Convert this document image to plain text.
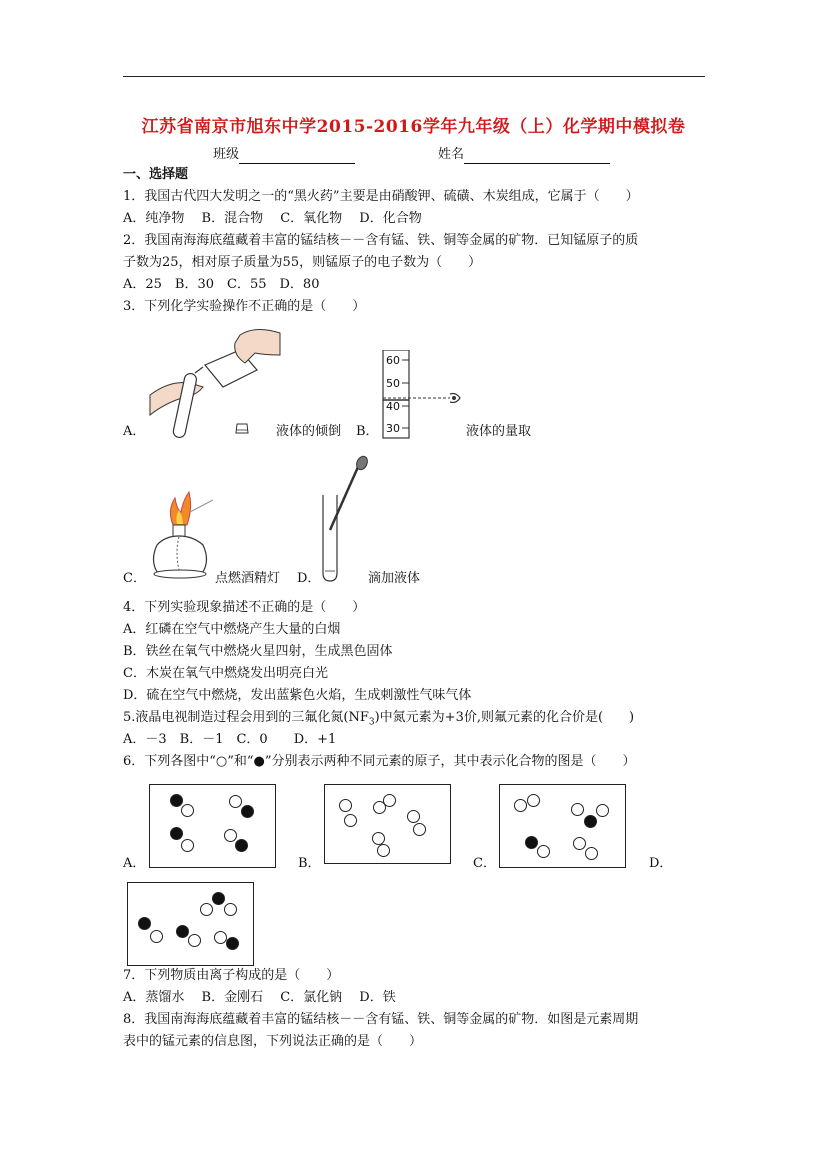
江苏省南京市旭东中学2015-2016学年九年级（上）化学期中模拟卷
班级	姓名
一、选择题
1．我国古代四大发明之一的“黑火药”主要是由硝酸钾、硫磺、木炭组成，它属于（　　）
A．纯净物　 B．混合物　 C．氧化物　 D．化合物
2．我国南海海底蕴藏着丰富的锰结核－－含有锰、铁、铜等金属的矿物．已知锰原子的质
子数为25，相对原子质量为55，则锰原子的电子数为（　　）
A．25　B．30　C．55　D．80
3．下列化学实验操作不正确的是（　　）
A．	液体的倾倒
60
50
40
30
B．	液体的量取
C．	点燃酒精灯 D．	滴加液体
4．下列实验现象描述不正确的是（　　）
A．红磷在空气中燃烧产生大量的白烟
B．铁丝在氧气中燃烧火星四射，生成黑色固体
C．木炭在氧气中燃烧发出明亮白光
D．硫在空气中燃烧，发出蓝紫色火焰，生成刺激性气味气体
5.液晶电视制造过程会用到的三氟化氮$(NF_3)$中氮元素为+3价,则氟元素的化合价是(　　)
A．－3　B．－1　C．0　　D．+1
6．下列各图中“○”和“●”分别表示两种不同元素的原子，其中表示化合物的图是（　　）
A．	B．	C．	D．
7．下列物质由离子构成的是（　　）
A．蒸馏水　 B．金刚石　 C．氯化钠　 D．铁
8．我国南海海底蕴藏着丰富的锰结核－－含有锰、铁、铜等金属的矿物．如图是元素周期
表中的锰元素的信息图，下列说法正确的是（　　）
